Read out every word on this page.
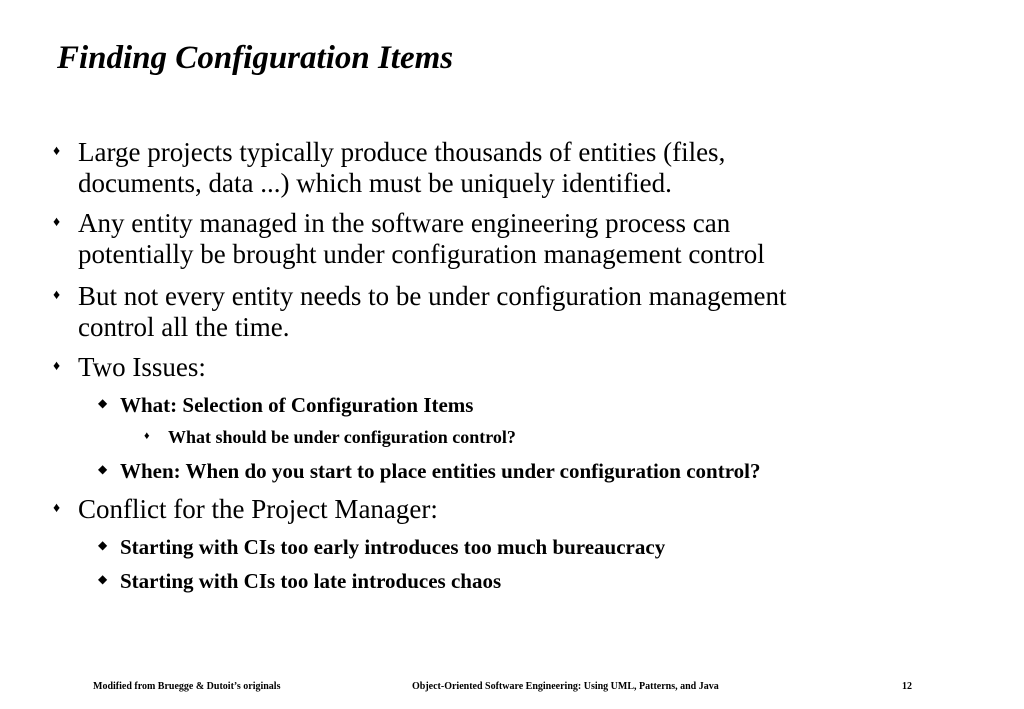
Finding Configuration Items
♦ Large projects typically produce thousands of entities (files,
documents, data ...) which must be uniquely identified.
♦ Any entity managed in the software engineering process can
potentially be brought under configuration management control
♦ But not every entity needs to be under configuration management
control all the time.
♦ Two Issues:
◆ What: Selection of Configuration Items
♦ What should be under configuration control?
◆ When: When do you start to place entities under configuration control?
♦ Conflict for the Project Manager:
◆ Starting with CIs too early introduces too much bureaucracy
◆ Starting with CIs too late introduces chaos
Modified from Bruegge & Dutoit’s originals	Object-Oriented Software Engineering: Using UML, Patterns, and Java	12
